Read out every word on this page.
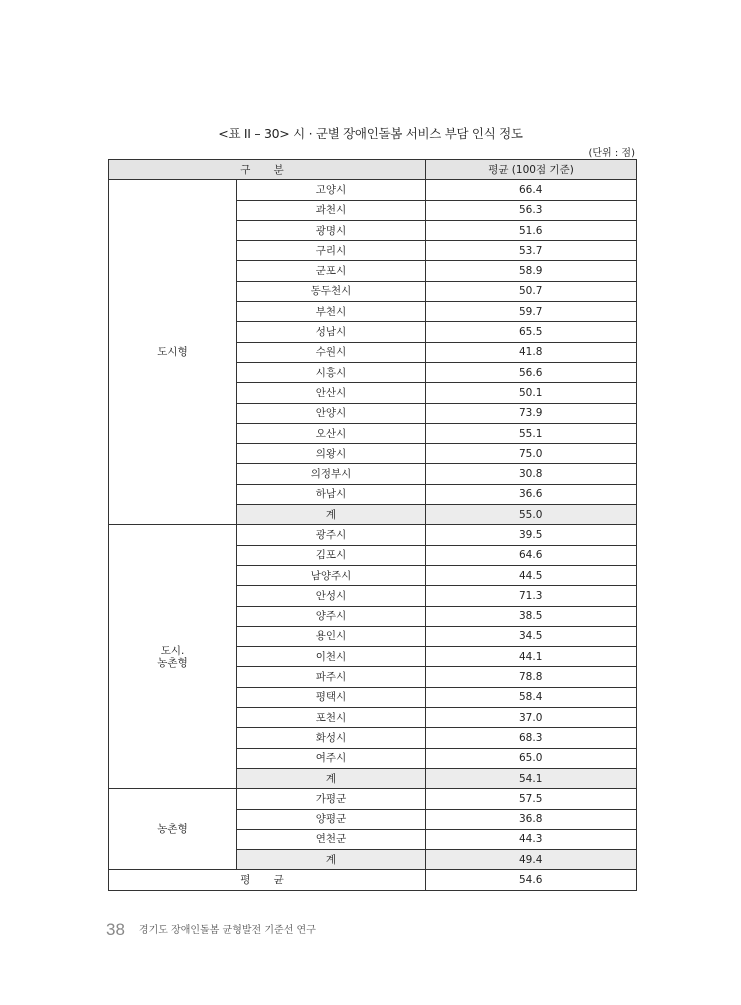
<표 II – 30> 시 · 군별 장애인돌봄 서비스 부담 인식 정도
(단위 : 점)
구 분		평균 (100점 기준)
도시형	고양시	66.4
	과천시	56.3
	광명시	51.6
	구리시	53.7
	군포시	58.9
	동두천시	50.7
	부천시	59.7
	성남시	65.5
	수원시	41.8
	시흥시	56.6
	안산시	50.1
	안양시	73.9
	오산시	55.1
	의왕시	75.0
	의정부시	30.8
	하남시	36.6
	계	55.0
도시.
농촌형	광주시	39.5
	김포시	64.6
	남양주시	44.5
	안성시	71.3
	양주시	38.5
	용인시	34.5
	이천시	44.1
	파주시	78.8
	평택시	58.4
	포천시	37.0
	화성시	68.3
	여주시	65.0
	계	54.1
농촌형	가평군	57.5
	양평군	36.8
	연천군	44.3
	계	49.4
평 균		54.6
38 경기도 장애인돌봄 균형발전 기준선 연구
